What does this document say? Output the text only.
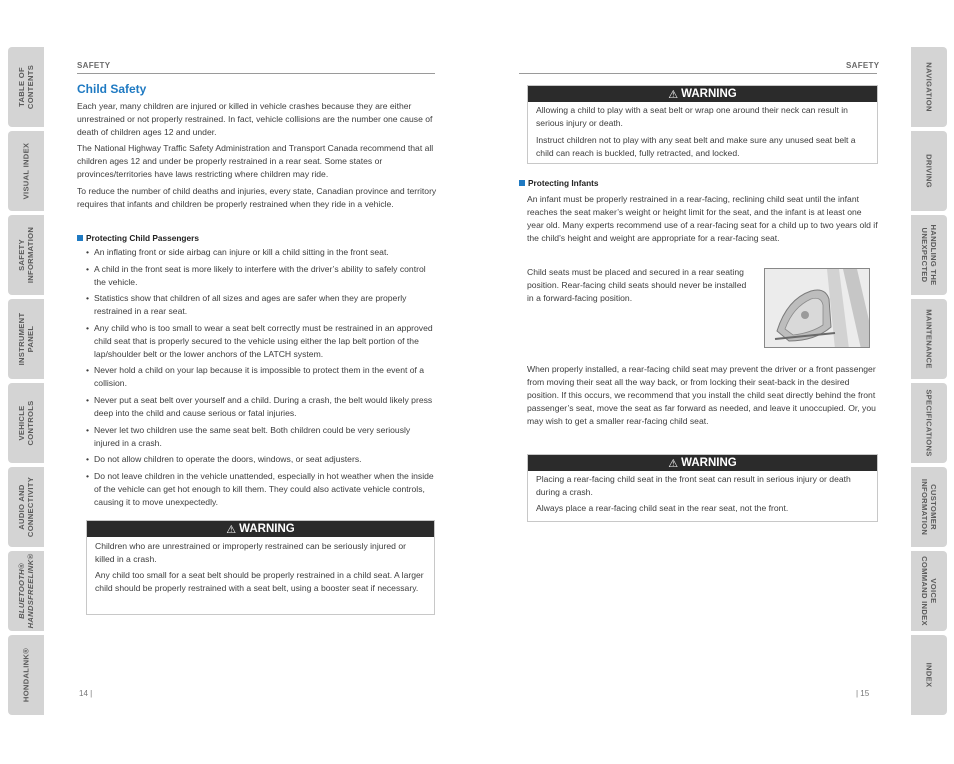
TABLE OF
CONTENTS
VISUAL INDEX
SAFETY
INFORMATION
INSTRUMENT
PANEL
VEHICLE
CONTROLS
AUDIO AND
CONNECTIVITY
BLUETOOTH®
HANDSFREELINK®
HONDALINK®
NAVIGATION
DRIVING
HANDLING THE
UNEXPECTED
MAINTENANCE
SPECIFICATIONS
CUSTOMER
INFORMATION
VOICE
COMMAND INDEX
INDEX
SAFETY
Child Safety

Each year, many children are injured or killed in vehicle crashes because they are either unrestrained or not properly restrained. In fact, vehicle collisions are the number one cause of death of children ages 12 and under.

The National Highway Traffic Safety Administration and Transport Canada recommend that all children ages 12 and under be properly restrained in a rear seat. Some states or provinces/territories have laws restricting where children may ride.

To reduce the number of child deaths and injuries, every state, Canadian province and territory requires that infants and children be properly restrained when they ride in a vehicle.

Protecting Child Passengers
• An inflating front or side airbag can injure or kill a child sitting in the front seat.
• A child in the front seat is more likely to interfere with the driver’s ability to safely control the vehicle.
• Statistics show that children of all sizes and ages are safer when they are properly restrained in a rear seat.
• Any child who is too small to wear a seat belt correctly must be restrained in an approved child seat that is properly secured to the vehicle using either the lap belt portion of the lap/shoulder belt or the lower anchors of the LATCH system.
• Never hold a child on your lap because it is impossible to protect them in the event of a collision.
• Never put a seat belt over yourself and a child. During a crash, the belt would likely press deep into the child and cause serious or fatal injuries.
• Never let two children use the same seat belt. Both children could be very seriously injured in a crash.
• Do not allow children to operate the doors, windows, or seat adjusters.
• Do not leave children in the vehicle unattended, especially in hot weather when the inside of the vehicle can get hot enough to kill them. They could also activate vehicle controls, causing it to move unexpectedly.
⚠ WARNING

Children who are unrestrained or improperly restrained can be seriously injured or killed in a crash.

Any child too small for a seat belt should be properly restrained in a child seat. A larger child should be properly restrained with a seat belt, using a booster seat if necessary.

14 |
SAFETY
⚠ WARNING

Allowing a child to play with a seat belt or wrap one around their neck can result in serious injury or death.

Instruct children not to play with any seat belt and make sure any unused seat belt a child can reach is buckled, fully retracted, and locked.

Protecting Infants

An infant must be properly restrained in a rear-facing, reclining child seat until the infant reaches the seat maker’s weight or height limit for the seat, and the infant is at least one year old. Many experts recommend use of a rear-facing seat for a child up to two years old if the child’s height and weight are appropriate for a rear-facing seat.

Child seats must be placed and secured in a rear seating position. Rear-facing child seats should never be installed in a forward-facing position.

When properly installed, a rear-facing child seat may prevent the driver or a front passenger from moving their seat all the way back, or from locking their seat-back in the desired position. If this occurs, we recommend that you install the child seat directly behind the front passenger’s seat, move the seat as far forward as needed, and leave it unoccupied. Or, you may wish to get a smaller rear-facing child seat.

⚠ WARNING

Placing a rear-facing child seat in the front seat can result in serious injury or death during a crash.

Always place a rear-facing child seat in the rear seat, not the front.

| 15
